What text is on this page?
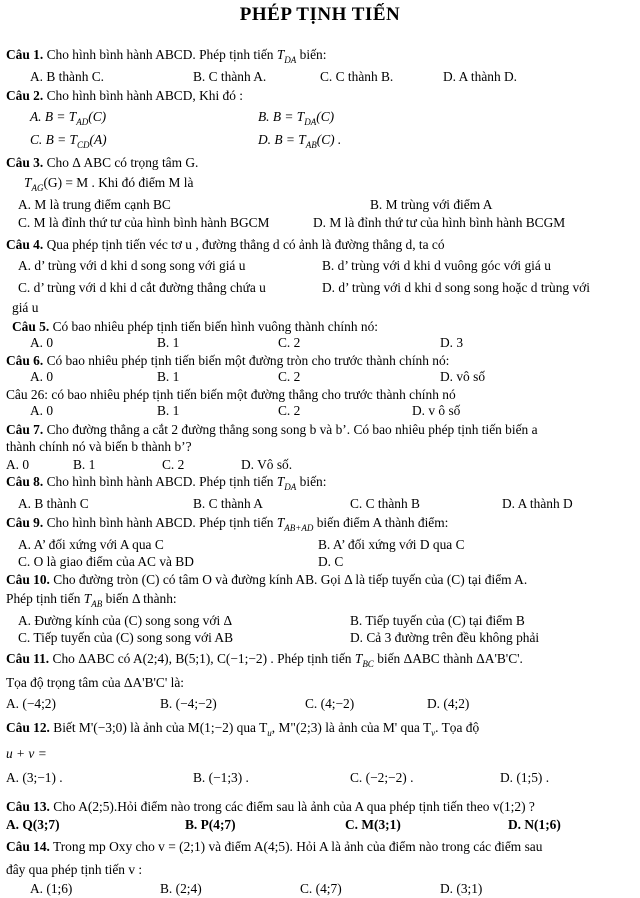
PHÉP TỊNH TIẾN
Câu 1. Cho hình bình hành ABCD. Phép tịnh tiến $T_{DA}$ biến:
A. B thành C.	B. C thành A.	C. C thành B.	D. A thành D.
Câu 2. Cho hình bình hành ABCD, Khi đó :
A. $B = T_{AD}(C)$	B. $B = T_{DA}(C)$
C. $B = T_{CD}(A)$	D. $B = T_{AB}(C)$ .
Câu 3. Cho Δ ABC có trọng tâm G.
$T_{AG}(G) = M$ . Khi đó điểm M là
A. M là trung điểm cạnh BC	B. M trùng với điểm A
C. M là đỉnh thứ tư của hình bình hành BGCM	D. M là đỉnh thứ tư của hình bình hành BCGM
Câu 4. Qua phép tịnh tiến véc tơ u , đường thẳng d có ảnh là đường thẳng d, ta có
A. d’ trùng với d khi d song song với giá u	B. d’ trùng với d khi d vuông góc với giá u
C. d’ trùng với d khi d cắt đường thẳng chứa u	D. d’ trùng với d khi d song song hoặc d trùng với
giá u
Câu 5. Có bao nhiêu phép tịnh tiến biến hình vuông thành chính nó:
A. 0	B. 1	C. 2	D. 3
Câu 6. Có bao nhiêu phép tịnh tiến biến một đường tròn cho trước thành chính nó:
A. 0	B. 1	C. 2	D. vô số
Câu 26: có bao nhiêu phép tịnh tiến biến một đường thẳng cho trước thành chính nó
A. 0	B. 1	C. 2	D. v ô số
Câu 7. Cho đường thẳng a cắt 2 đường thẳng song song b và b’. Có bao nhiêu phép tịnh tiến biến a
thành chính nó và biến b thành b’?
A. 0	B. 1	C. 2	D. Vô số.
Câu 8. Cho hình bình hành ABCD. Phép tịnh tiến $T_{DA}$ biến:
A. B thành C	B. C thành A	C. C thành B	D. A thành D
Câu 9. Cho hình bình hành ABCD. Phép tịnh tiến $T_{AB+AD}$ biến điểm A thành điểm:
A. A’ đối xứng với A qua C	B. A’ đối xứng với D qua C
C. O là giao điểm của AC và BD	D. C
Câu 10. Cho đường tròn (C) có tâm O và đường kính AB. Gọi Δ là tiếp tuyến của (C) tại điểm A.
Phép tịnh tiến $T_{AB}$ biến Δ thành:
A. Đường kính của (C) song song với Δ	B. Tiếp tuyến của (C) tại điểm B
C. Tiếp tuyến của (C) song song với AB	D. Cả 3 đường trên đều không phải
Câu 11. Cho ΔABC có A(2;4), B(5;1), C(−1;−2) . Phép tịnh tiến $T_{BC}$ biến ΔABC thành ΔA'B'C'.
Tọa độ trọng tâm của ΔA'B'C' là:
A. (−4;2)	B. (−4;−2)	C. (4;−2)	D. (4;2)
Câu 12. Biết M'(−3;0) là ảnh của M(1;−2) qua $T_u$, M"(2;3) là ảnh của M' qua $T_v$. Tọa độ
u + v =
A. (3;−1) .	B. (−1;3) .	C. (−2;−2) .	D. (1;5) .
Câu 13. Cho A(2;5).Hỏi điểm nào trong các điểm sau là ảnh của A qua phép tịnh tiến theo v(1;2) ?
A. Q(3;7)	B. P(4;7)	C. M(3;1)	D. N(1;6)
Câu 14. Trong mp Oxy cho v = (2;1) và điểm A(4;5). Hỏi A là ảnh của điểm nào trong các điểm sau
đây qua phép tịnh tiến v :
A. (1;6)	B. (2;4)	C. (4;7)	D. (3;1)
